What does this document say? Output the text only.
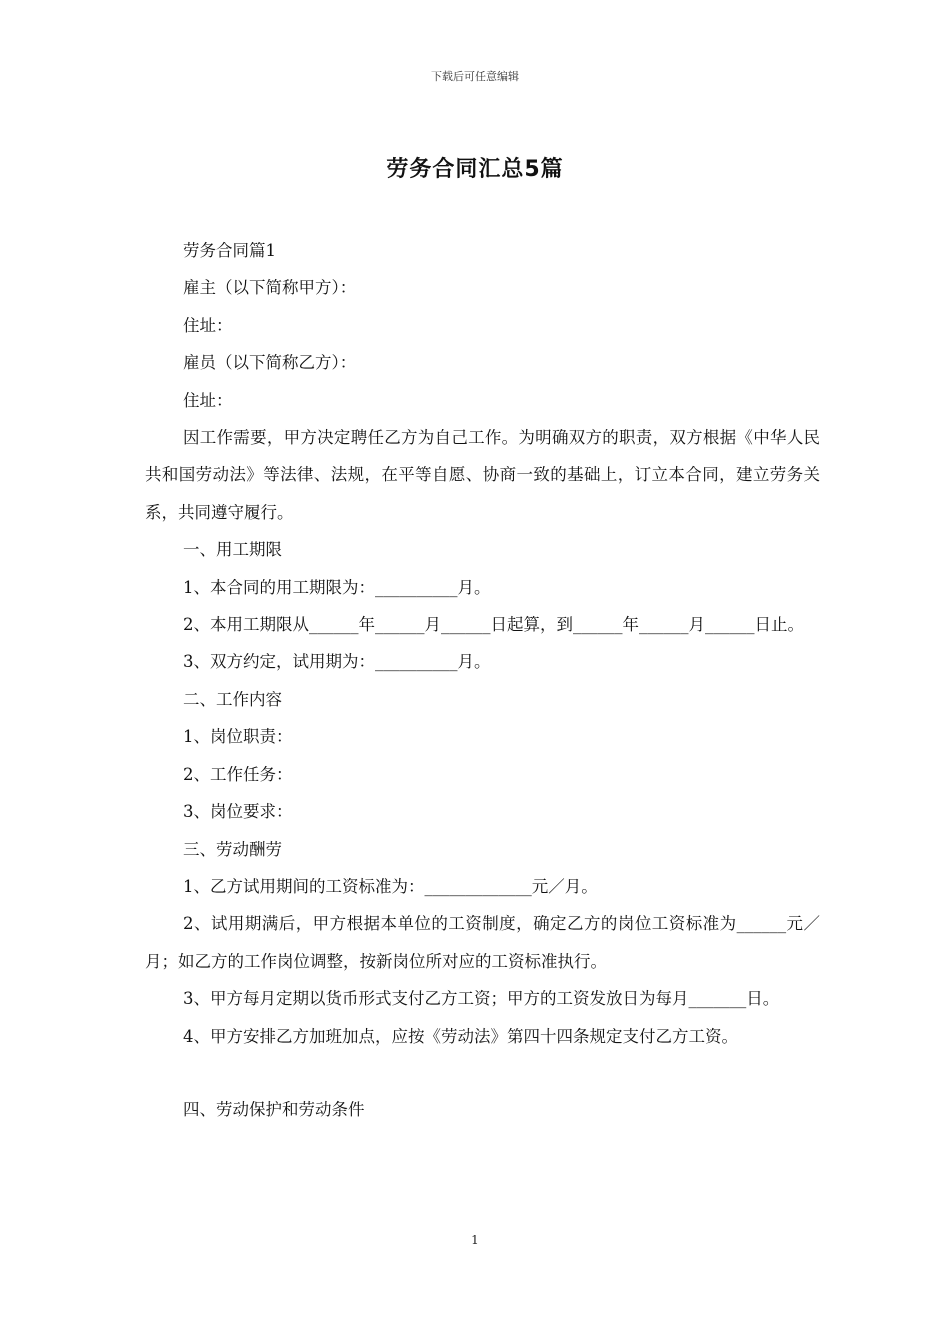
下载后可任意编辑
劳务合同汇总5篇

劳务合同篇1

雇主（以下简称甲方）：

住址：

雇员（以下简称乙方）：

住址：

因工作需要，甲方决定聘任乙方为自己工作。为明确双方的职责，双方根据《中华人民共和国劳动法》等法律、法规，在平等自愿、协商一致的基础上，订立本合同，建立劳务关系，共同遵守履行。

一、用工期限

1、本合同的用工期限为：__________月。

2、本用工期限从______年______月______日起算，到______年______月______日止。

3、双方约定，试用期为：__________月。

二、工作内容

1、岗位职责：

2、工作任务：

3、岗位要求：

三、劳动酬劳

1、乙方试用期间的工资标准为：_____________元／月。

2、试用期满后，甲方根据本单位的工资制度，确定乙方的岗位工资标准为______元／月；如乙方的工作岗位调整，按新岗位所对应的工资标准执行。

3、甲方每月定期以货币形式支付乙方工资；甲方的工资发放日为每月_______日。

4、甲方安排乙方加班加点，应按《劳动法》第四十四条规定支付乙方工资。

四、劳动保护和劳动条件

1
